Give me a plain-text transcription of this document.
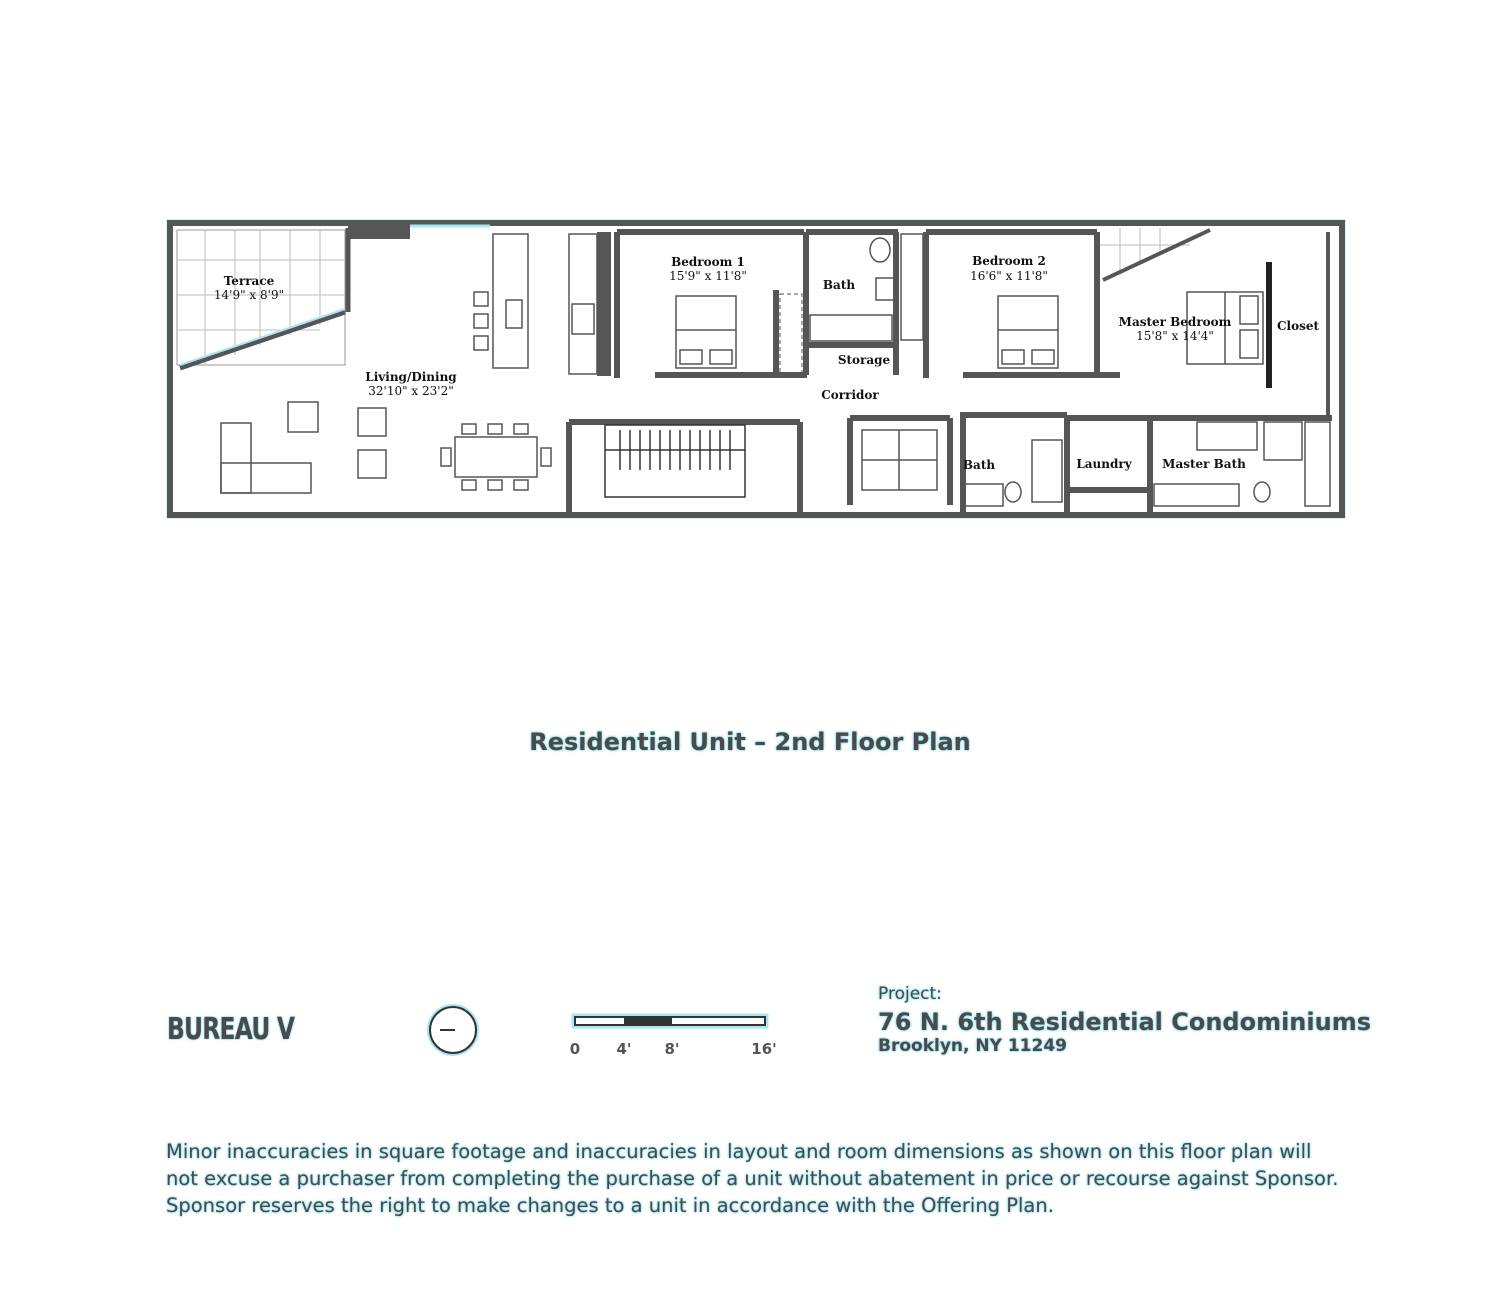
Terrace
14'9" x 8'9"
Living/Dining
32'10" x 23'2"
Bedroom 1
15'9" x 11'8"
Bath
Storage
Bedroom 2
16'6" x 11'8"
Master Bedroom
15'8" x 14'4"
Closet
Corridor
Bath	Laundry	Master Bath
0 4' 8'	16'
Residential Unit – 2nd Floor Plan
BUREAU V
Project:
76 N. 6th Residential Condominiums
Brooklyn, NY 11249
Minor inaccuracies in square footage and inaccuracies in layout and room dimensions as shown on this floor plan will not excuse a purchaser from completing the purchase of a unit without abatement in price or recourse against Sponsor. Sponsor reserves the right to make changes to a unit in accordance with the Offering Plan.
